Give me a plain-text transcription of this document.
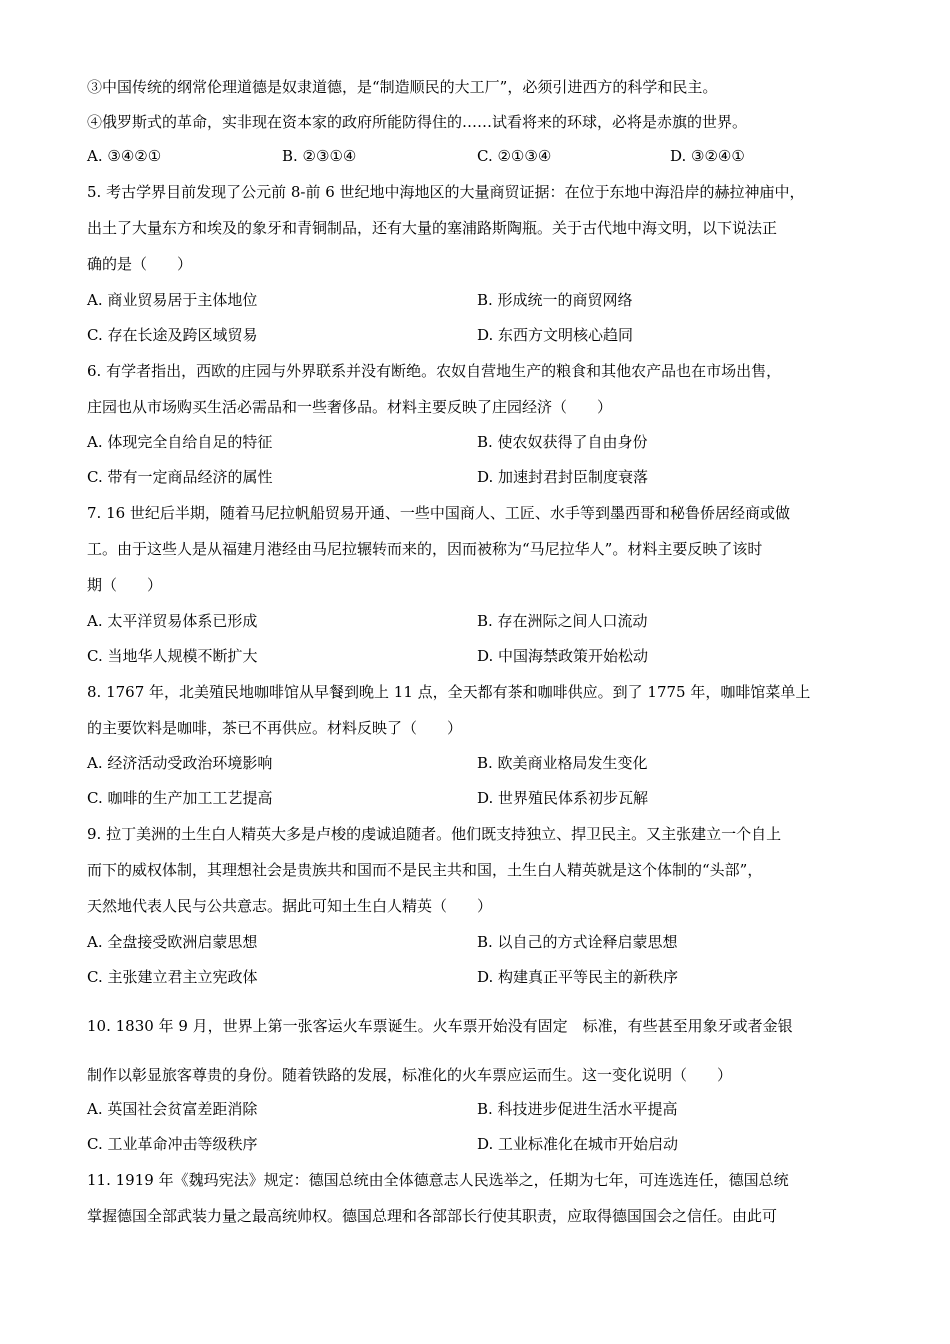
③中国传统的纲常伦理道德是奴隶道德，是“制造顺民的大工厂”，必须引进西方的科学和民主。
④俄罗斯式的革命，实非现在资本家的政府所能防得住的……试看将来的环球，必将是赤旗的世界。
A. ③④②①	B. ②③①④	C. ②①③④	D. ③②④①
5. 考古学界目前发现了公元前 8-前 6 世纪地中海地区的大量商贸证据：在位于东地中海沿岸的赫拉神庙中，
出土了大量东方和埃及的象牙和青铜制品，还有大量的塞浦路斯陶瓶。关于古代地中海文明，以下说法正
确的是（　　）
A. 商业贸易居于主体地位	B. 形成统一的商贸网络
C. 存在长途及跨区域贸易	D. 东西方文明核心趋同
6. 有学者指出，西欧的庄园与外界联系并没有断绝。农奴自营地生产的粮食和其他农产品也在市场出售，
庄园也从市场购买生活必需品和一些奢侈品。材料主要反映了庄园经济（　　）
A. 体现完全自给自足的特征	B. 使农奴获得了自由身份
C. 带有一定商品经济的属性	D. 加速封君封臣制度衰落
7. 16 世纪后半期，随着马尼拉帆船贸易开通、一些中国商人、工匠、水手等到墨西哥和秘鲁侨居经商或做
工。由于这些人是从福建月港经由马尼拉辗转而来的，因而被称为“马尼拉华人”。材料主要反映了该时
期（　　）
A. 太平洋贸易体系已形成	B. 存在洲际之间人口流动
C. 当地华人规模不断扩大	D. 中国海禁政策开始松动
8. 1767 年，北美殖民地咖啡馆从早餐到晚上 11 点，全天都有茶和咖啡供应。到了 1775 年，咖啡馆菜单上
的主要饮料是咖啡，茶已不再供应。材料反映了（　　）
A. 经济活动受政治环境影响	B. 欧美商业格局发生变化
C. 咖啡的生产加工工艺提高	D. 世界殖民体系初步瓦解
9. 拉丁美洲的土生白人精英大多是卢梭的虔诚追随者。他们既支持独立、捍卫民主。又主张建立一个自上
而下的威权体制，其理想社会是贵族共和国而不是民主共和国，土生白人精英就是这个体制的“头部”，
天然地代表人民与公共意志。据此可知土生白人精英（　　）
A. 全盘接受欧洲启蒙思想	B. 以自己的方式诠释启蒙思想
C. 主张建立君主立宪政体	D. 构建真正平等民主的新秩序
10. 1830 年 9 月，世界上第一张客运火车票诞生。火车票开始没有固定　标准，有些甚至用象牙或者金银
制作以彰显旅客尊贵的身份。随着铁路的发展，标准化的火车票应运而生。这一变化说明（　　）
A. 英国社会贫富差距消除	B. 科技进步促进生活水平提高
C. 工业革命冲击等级秩序	D. 工业标准化在城市开始启动
11. 1919 年《魏玛宪法》规定：德国总统由全体德意志人民选举之，任期为七年，可连选连任，德国总统
掌握德国全部武装力量之最高统帅权。德国总理和各部部长行使其职责，应取得德国国会之信任。由此可
